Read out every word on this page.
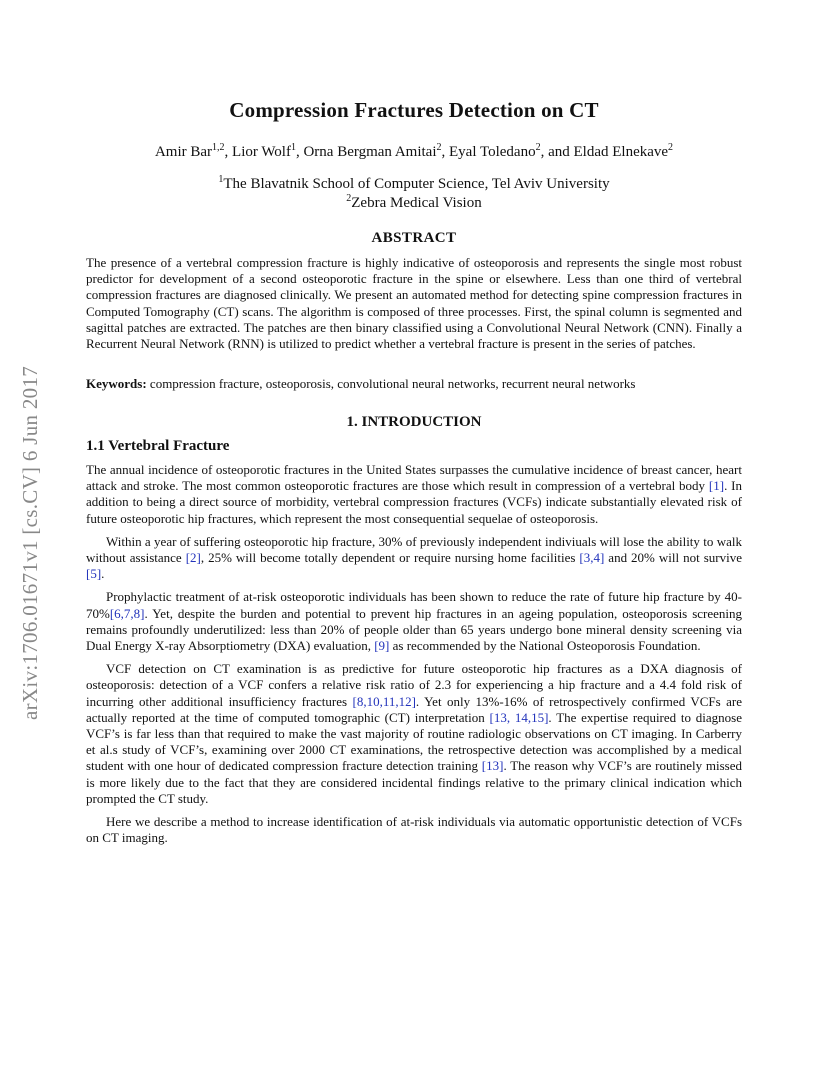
arXiv:1706.01671v1 [cs.CV] 6 Jun 2017
Compression Fractures Detection on CT
Amir Bar$^{1,2}$, Lior Wolf$^1$, Orna Bergman Amitai$^2$, Eyal Toledano$^2$, and Eldad Elnekave$^2$
$^1$The Blavatnik School of Computer Science, Tel Aviv University
$^2$Zebra Medical Vision
ABSTRACT
The presence of a vertebral compression fracture is highly indicative of osteoporosis and represents the single most robust predictor for development of a second osteoporotic fracture in the spine or elsewhere. Less than one third of vertebral compression fractures are diagnosed clinically. We present an automated method for detecting spine compression fractures in Computed Tomography (CT) scans. The algorithm is composed of three processes. First, the spinal column is segmented and sagittal patches are extracted. The patches are then binary classified using a Convolutional Neural Network (CNN). Finally a Recurrent Neural Network (RNN) is utilized to predict whether a vertebral fracture is present in the series of patches.
Keywords: compression fracture, osteoporosis, convolutional neural networks, recurrent neural networks
1. INTRODUCTION
1.1 Vertebral Fracture

The annual incidence of osteoporotic fractures in the United States surpasses the cumulative incidence of breast cancer, heart attack and stroke. The most common osteoporotic fractures are those which result in compression of a vertebral body [1]. In addition to being a direct source of morbidity, vertebral compression fractures (VCFs) indicate substantially elevated risk of future osteoporotic hip fractures, which represent the most consequential sequelae of osteoporosis.

Within a year of suffering osteoporotic hip fracture, 30% of previously independent indiviuals will lose the ability to walk without assistance [2], 25% will become totally dependent or require nursing home facilities [3,4] and 20% will not survive [5].

Prophylactic treatment of at-risk osteoporotic individuals has been shown to reduce the rate of future hip fracture by 40-70%[6,7,8]. Yet, despite the burden and potential to prevent hip fractures in an ageing population, osteoporosis screening remains profoundly underutilized: less than 20% of people older than 65 years undergo bone mineral density screening via Dual Energy X-ray Absorptiometry (DXA) evaluation, [9] as recommended by the National Osteoporosis Foundation.

VCF detection on CT examination is as predictive for future osteoporotic hip fractures as a DXA diagnosis of osteoporosis: detection of a VCF confers a relative risk ratio of 2.3 for experiencing a hip fracture and a 4.4 fold risk of incurring other additional insufficiency fractures [8,10,11,12]. Yet only 13%-16% of retrospectively confirmed VCFs are actually reported at the time of computed tomographic (CT) interpretation [13, 14,15]. The expertise required to diagnose VCF’s is far less than that required to make the vast majority of routine radiologic observations on CT imaging. In Carberry et al.s study of VCF’s, examining over 2000 CT examinations, the retrospective detection was accomplished by a medical student with one hour of dedicated compression fracture detection training [13]. The reason why VCF’s are routinely missed is more likely due to the fact that they are considered incidental findings relative to the primary clinical indication which prompted the CT study.

Here we describe a method to increase identification of at-risk individuals via automatic opportunistic detection of VCFs on CT imaging.
